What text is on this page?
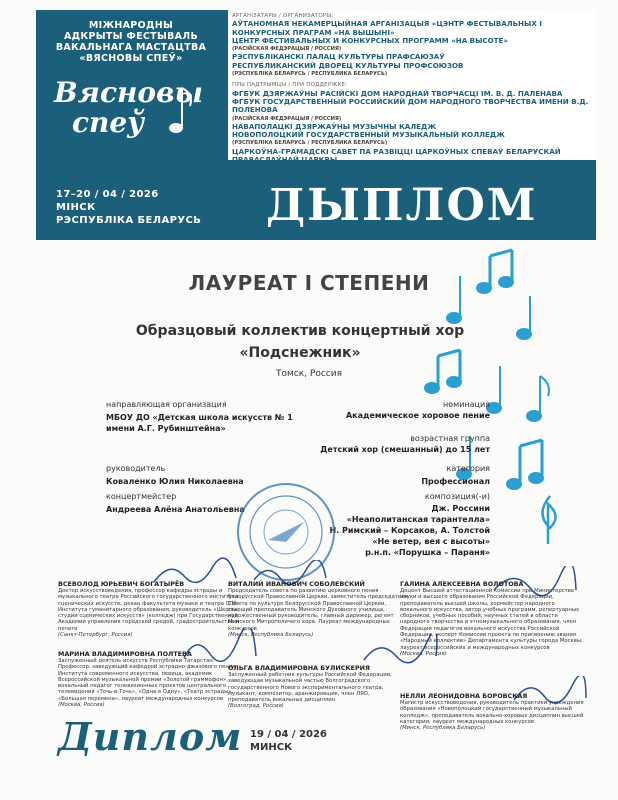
МІЖНАРОДНЫ
АДКРЫТЫ ФЕСТЫВАЛЬ
ВАКАЛЬНАГА МАСТАЦТВА
«ВЯСНОВЫ СПЕЎ»
Вясновы
спеў
АРГАНІЗАТАРЫ / ОРГАНИЗАТОРЫ:
АЎТАНОМНАЯ НЕКАМЕРЦЫЙНАЯ АРГАНІЗАЦЫЯ «ЦЭНТР ФЕСТЫВАЛЬНЫХ І КОНКУРСНЫХ ПРАГРАМ «НА ВЫШЫНІ»
ЦЕНТР ФЕСТИВАЛЬНЫХ И КОНКУРСНЫХ ПРОГРАММ «НА ВЫСОТЕ»
(РАСІЙСКАЯ ФЕДЭРАЦЫЯ / РОССИЯ)
РЭСПУБЛІКАНСКІ ПАЛАЦ КУЛЬТУРЫ ПРАФСАЮЗАЎ
РЕСПУБЛИКАНСКИЙ ДВОРЕЦ КУЛЬТУРЫ ПРОФСОЮЗОВ
(РЭСПУБЛІКА БЕЛАРУСЬ / РЕСПУБЛИКА БЕЛАРУСЬ)
ПРЫ ПАДТРЫМЦЫ / ПРИ ПОДДЕРЖКЕ:
ФГБУК ДЗЯРЖАЎНЫ РАСІЙСКІ ДОМ НАРОДНАЙ ТВОРЧАСЦІ ІМ. В. Д. ПАЛЕНАВА
ФГБУК ГОСУДАРСТВЕННЫЙ РОССИЙСКИЙ ДОМ НАРОДНОГО ТВОРЧЕСТВА ИМЕНИ В.Д. ПОЛЕНОВА
(РАСІЙСКАЯ ФЕДЭРАЦЫЯ / РОССИЯ)
НАВАПОЛАЦКІ ДЗЯРЖАЎНЫ МУЗЫЧНЫ КАЛЕДЖ
НОВОПОЛОЦКИЙ ГОСУДАРСТВЕННЫЙ МУЗЫКАЛЬНЫЙ КОЛЛЕДЖ
(РЭСПУБЛІКА БЕЛАРУСЬ / РЕСПУБЛИКА БЕЛАРУСЬ)
ЦАРКОЎНА-ГРАМАДСКІ САВЕТ ПА РАЗВІЦЦІ ЦАРКОЎНЫХ СПЕВАЎ БЕЛАРУСКАЙ
17–20 / 04 / 2026
МІНСК
РЭСПУБЛІКА БЕЛАРУСЬ ДЫПЛОМ
ЛАУРЕАТ I СТЕПЕНИ
Образцовый коллектив концертный хор
«Подснежник»
Томск, Россия
направляющая организация
МБОУ ДО «Детская школа искусств № 1
имени А.Г. Рубинштейна»
номинация
Академическое хоровое пение
возрастная группа
Детский хор (смешанный) до 15 лет
руководитель
Коваленко Юлия Николаевна
категория
Профессионал
концертмейстер
Андреева Алёна Анатольевна
композиция(-и)
Дж. Россини
«Неаполитанская тарантелла»
Н. Римский – Корсаков, А. Толстой
«Не ветер, вея с высоты»
р.н.п. «Порушка – Параня»
ВСЕВОЛОД ЮРЬЕВИЧ БОГАТЫРЁВ
Доктор искусствоведения, профессор кафедры эстрады и музыкального театра Российского государственного института сценических искусств, декан факультета музыки и театра СПб Института гуманитарного образования, руководитель «Школы-студии сценических искусств» (колледж) при Государственной Академии управления городской средой, градостроительства и печати
(Санкт-Петербург, Россия)
ВИТАЛИЙ ИВАНОВИЧ СОБОЛЕВСКИЙ
Председатель совета по развитию церковного пения Белорусской Православной Церкви, заместитель председателя Совета по культуре Белорусской Православной Церкви, старший преподаватель Минского Духовного училища, художественный руководитель, главный дирижер, регент Минского Митрополичего хора. Лауреат международных конкурсов
(Минск, Республика Беларусь)
ГАЛИНА АЛЕКСЕЕВНА ВОЛОТОВА
Доцент Высшей аттестационной комиссии при Министерстве науки и высшего образования Российской Федерации, преподаватель высшей школы, хормейстер народного вокального искусства, автор учебных программ, репертуарных сборников, учебных пособий, научных статей в области народного творчества и этномузыкального образования, член Федерации педагогов вокального искусства Российской Федерации, эксперт Комиссии проекта по присвоению звания «Народный коллектив» Департамента культуры города Москвы, лауреат всероссийских и международных конкурсов
(Москва, Россия)
МАРИНА ВЛАДИМИРОВНА ПОЛТЕВА
Заслуженный деятель искусств Республики Татарстан. Профессор, заведующий кафедрой эстрадно-джазового пения Института современного искусства, певица, академик Всероссийской музыкальной премии «Золотой граммофон», вокальный педагог телевизионных проектов центрального телевидения «Точь-в-Точь», «Одна в Одну», «Театр эстрады», «Большая перемена», лауреат международных конкурсов
(Москва, Россия)
ОЛЬГА ВЛАДИМИРОВНА БУЛИСКЕРИЯ
Заслуженный работник культуры Российской Федерации, заведующая музыкальной частью Волгоградского государственного Нового экспериментального театра, музыкант, композитор, аранжировщик, член ЛЯО, преподаватель вокальных дисциплин
(Волгоград, Россия)
НЕЛЛИ ЛЕОНИДОВНА БОРОВСКАЯ
Магистр искусствоведения, руководитель практики учреждения образования «Новополоцкий государственный музыкальный колледж», преподаватель вокально-хоровых дисциплин высшей категории, лауреат международных конкурсов
(Минск, Республика Беларусь)
Диплом 19 / 04 / 2026
МИНСК
